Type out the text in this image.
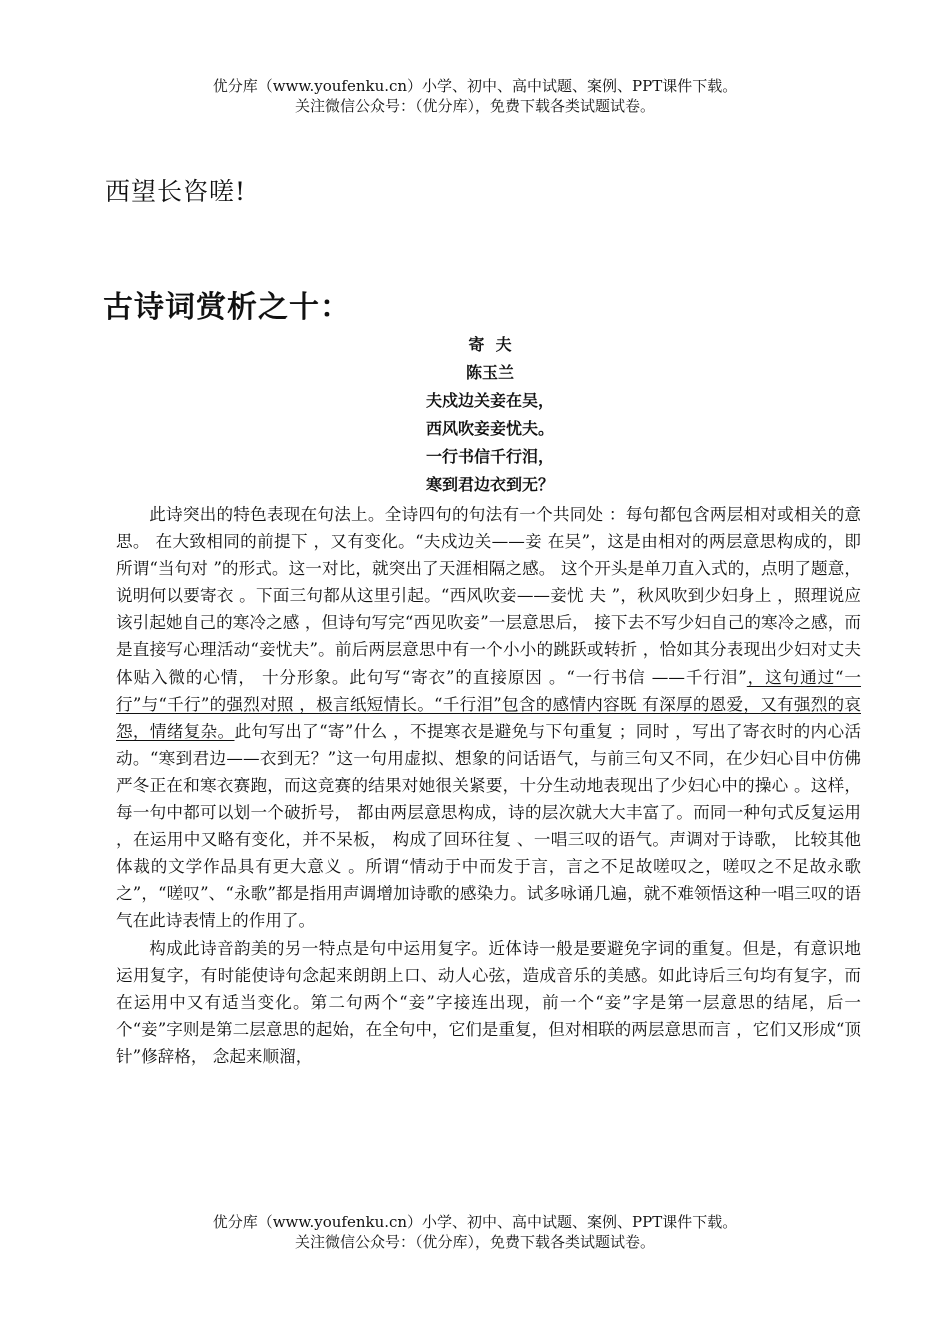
优分库（www.youfenku.cn）小学、初中、高中试题、案例、PPT课件下载。
关注微信公众号：（优分库），免费下载各类试题试卷。
西望长咨嗟!
古诗词赏析之十：
寄  夫
陈玉兰
夫戍边关妾在吴，
西风吹妾妾忧夫。
一行书信千行泪，
寒到君边衣到无？

此诗突出的特色表现在句法上。全诗四句的句法有一个共同处 ：每句都包含两层相对或相关的意思。 在大致相同的前提下 ，又有变化。“夫戍边关——妾 在吴”，这是由相对的两层意思构成的，即所谓“当句对 ”的形式。这一对比，就突出了天涯相隔之感。 这个开头是单刀直入式的，点明了题意，说明何以要寄衣 。下面三句都从这里引起。“西风吹妾——妾忧 夫 ”，秋风吹到少妇身上 ，照理说应该引起她自己的寒冷之感 ，但诗句写完“西见吹妾”一层意思后， 接下去不写少妇自己的寒冷之感，而是直接写心理活动“妾忧夫”。前后两层意思中有一个小小的跳跃或转折 ，恰如其分表现出少妇对丈夫体贴入微的心情， 十分形象。此句写“寄衣”的直接原因 。“一行书信 ——千行泪”，这句通过“一行”与“千行”的强烈对照 ，极言纸短情长。“千行泪”包含的感情内容既 有深厚的恩爱，又有强烈的哀怨，情绪复杂。此句写出了“寄”什么 ，不提寒衣是避免与下句重复 ；同时 ，写出了寄衣时的内心活动。“寒到君边——衣到无？”这一句用虚拟、想象的问话语气，与前三句又不同，在少妇心目中仿佛严冬正在和寒衣赛跑，而这竞赛的结果对她很关紧要，十分生动地表现出了少妇心中的操心 。这样，每一句中都可以划一个破折号， 都由两层意思构成，诗的层次就大大丰富了。而同一种句式反复运用 ，在运用中又略有变化，并不呆板， 构成了回环往复 、一唱三叹的语气。声调对于诗歌， 比较其他体裁的文学作品具有更大意义 。所谓“情动于中而发于言，言之不足故嗟叹之，嗟叹之不足故永歌之”，“嗟叹”、“永歌”都是指用声调增加诗歌的感染力。试多咏诵几遍，就不难领悟这种一唱三叹的语气在此诗表情上的作用了。

构成此诗音韵美的另一特点是句中运用复字。近体诗一般是要避免字词的重复。但是，有意识地运用复字，有时能使诗句念起来朗朗上口、动人心弦，造成音乐的美感。如此诗后三句均有复字，而在运用中又有适当变化。第二句两个“妾”字接连出现，前一个“妾”字是第一层意思的结尾，后一个“妾”字则是第二层意思的起始，在全句中，它们是重复，但对相联的两层意思而言 ，它们又形成“顶针”修辞格， 念起来顺溜，

优分库（www.youfenku.cn）小学、初中、高中试题、案例、PPT课件下载。
关注微信公众号：（优分库），免费下载各类试题试卷。
